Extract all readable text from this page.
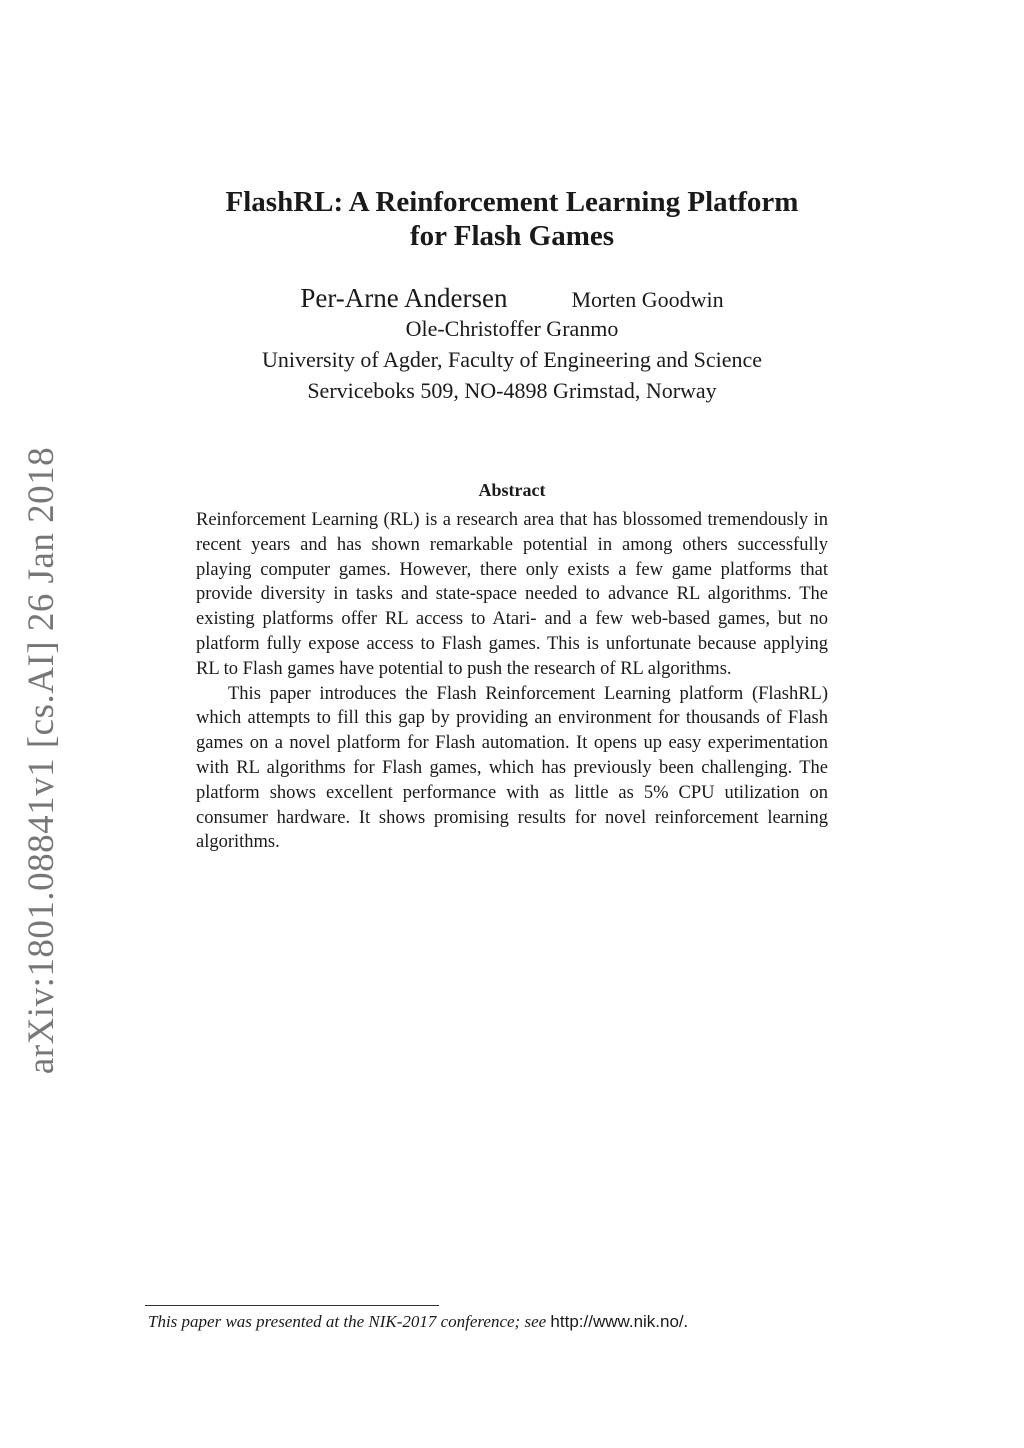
arXiv:1801.08841v1 [cs.AI] 26 Jan 2018
FlashRL: A Reinforcement Learning Platform
for Flash Games
Per-Arne Andersen	Morten Goodwin
Ole-Christoffer Granmo
University of Agder, Faculty of Engineering and Science
Serviceboks 509, NO-4898 Grimstad, Norway
Abstract

Reinforcement Learning (RL) is a research area that has blossomed tremendously in recent years and has shown remarkable potential in among others successfully playing computer games. However, there only exists a few game platforms that provide diversity in tasks and state-space needed to advance RL algorithms. The existing platforms offer RL access to Atari- and a few web-based games, but no platform fully expose access to Flash games. This is unfortunate because applying RL to Flash games have potential to push the research of RL algorithms.

This paper introduces the Flash Reinforcement Learning platform (FlashRL) which attempts to fill this gap by providing an environment for thousands of Flash games on a novel platform for Flash automation. It opens up easy experimentation with RL algorithms for Flash games, which has previously been challenging. The platform shows excellent performance with as little as 5% CPU utilization on consumer hardware. It shows promising results for novel reinforcement learning algorithms.

This paper was presented at the NIK-2017 conference; see http://www.nik.no/.
